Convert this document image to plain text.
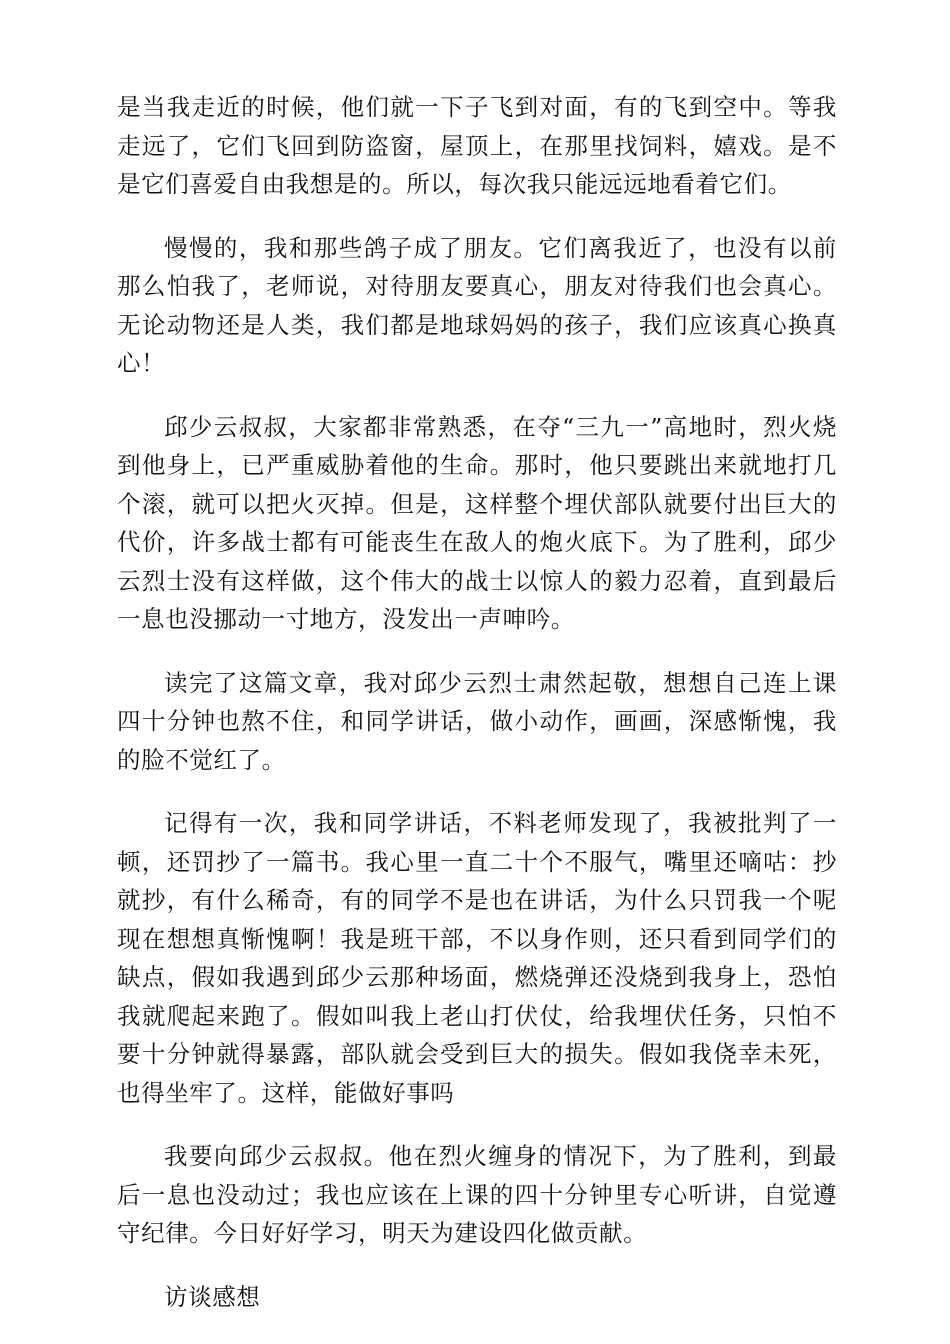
是当我走近的时候，他们就一下子飞到对面，有的飞到空中。等我走远了，它们飞回到防盗窗，屋顶上，在那里找饲料，嬉戏。是不是它们喜爱自由我想是的。所以，每次我只能远远地看着它们。

慢慢的，我和那些鸽子成了朋友。它们离我近了，也没有以前那么怕我了，老师说，对待朋友要真心，朋友对待我们也会真心。无论动物还是人类，我们都是地球妈妈的孩子，我们应该真心换真心！

邱少云叔叔，大家都非常熟悉，在夺“三九一”高地时，烈火烧到他身上，已严重威胁着他的生命。那时，他只要跳出来就地打几个滚，就可以把火灭掉。但是，这样整个埋伏部队就要付出巨大的代价，许多战士都有可能丧生在敌人的炮火底下。为了胜利，邱少云烈士没有这样做，这个伟大的战士以惊人的毅力忍着，直到最后一息也没挪动一寸地方，没发出一声呻吟。

读完了这篇文章，我对邱少云烈士肃然起敬，想想自己连上课四十分钟也熬不住，和同学讲话，做小动作，画画，深感惭愧，我的脸不觉红了。

记得有一次，我和同学讲话，不料老师发现了，我被批判了一顿，还罚抄了一篇书。我心里一直二十个不服气，嘴里还嘀咕：抄就抄，有什么稀奇，有的同学不是也在讲话，为什么只罚我一个呢现在想想真惭愧啊！我是班干部，不以身作则，还只看到同学们的缺点，假如我遇到邱少云那种场面，燃烧弹还没烧到我身上，恐怕我就爬起来跑了。假如叫我上老山打伏仗，给我埋伏任务，只怕不要十分钟就得暴露，部队就会受到巨大的损失。假如我侥幸未死，也得坐牢了。这样，能做好事吗

我要向邱少云叔叔。他在烈火缠身的情况下，为了胜利，到最后一息也没动过；我也应该在上课的四十分钟里专心听讲，自觉遵守纪律。今日好好学习，明天为建设四化做贡献。

访谈感想
